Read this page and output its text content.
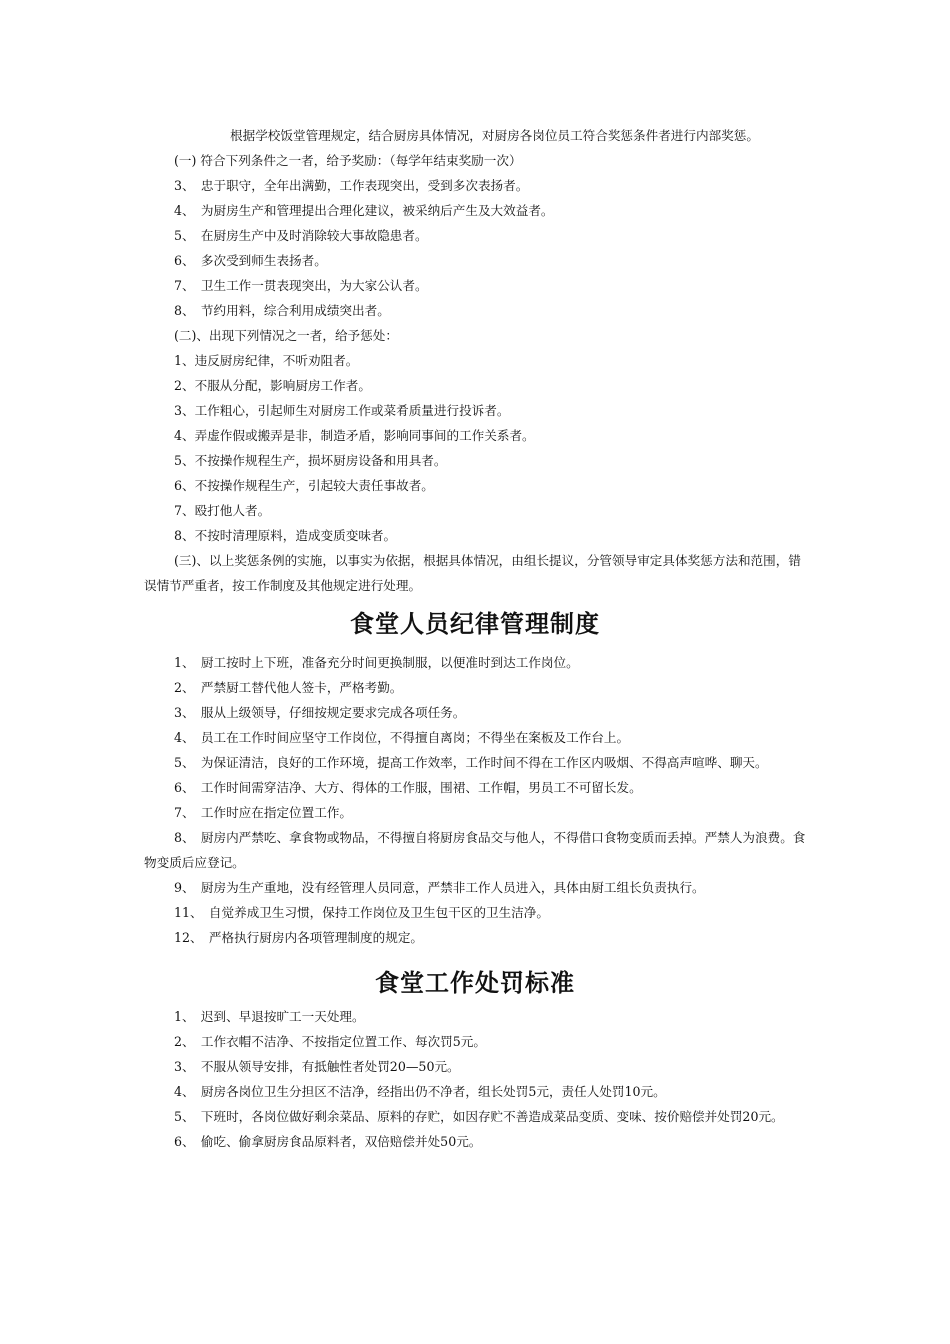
根据学校饭堂管理规定，结合厨房具体情况，对厨房各岗位员工符合奖惩条件者进行内部奖惩。

(一) 符合下列条件之一者，给予奖励：（每学年结束奖励一次）

3、　忠于职守，全年出满勤，工作表现突出，受到多次表扬者。

4、　为厨房生产和管理提出合理化建议，被采纳后产生及大效益者。

5、　在厨房生产中及时消除较大事故隐患者。

6、　多次受到师生表扬者。

7、　卫生工作一贯表现突出，为大家公认者。

8、　节约用料，综合利用成绩突出者。

(二)、出现下列情况之一者，给予惩处：

1、违反厨房纪律，不听劝阻者。

2、不服从分配，影响厨房工作者。

3、工作粗心，引起师生对厨房工作或菜肴质量进行投诉者。

4、弄虚作假或搬弄是非，制造矛盾，影响同事间的工作关系者。

5、不按操作规程生产，损坏厨房设备和用具者。

6、不按操作规程生产，引起较大责任事故者。

7、殴打他人者。

8、不按时清理原料，造成变质变味者。

(三)、以上奖惩条例的实施，以事实为依据，根据具体情况，由组长提议，分管领导审定具体奖惩方法和范围，错误情节严重者，按工作制度及其他规定进行处理。

食堂人员纪律管理制度

1、　厨工按时上下班，准备充分时间更换制服，以便准时到达工作岗位。

2、　严禁厨工替代他人签卡，严格考勤。

3、　服从上级领导，仔细按规定要求完成各项任务。

4、　员工在工作时间应坚守工作岗位，不得擅自离岗；不得坐在案板及工作台上。

5、　为保证清洁，良好的工作环境，提高工作效率，工作时间不得在工作区内吸烟、不得高声喧哗、聊天。

6、　工作时间需穿洁净、大方、得体的工作服，围裙、工作帽，男员工不可留长发。

7、　工作时应在指定位置工作。

8、　厨房内严禁吃、拿食物或物品，不得擅自将厨房食品交与他人，不得借口食物变质而丢掉。严禁人为浪费。食物变质后应登记。

9、　厨房为生产重地，没有经管理人员同意，严禁非工作人员进入，具体由厨工组长负责执行。

11、　自觉养成卫生习惯，保持工作岗位及卫生包干区的卫生洁净。

12、　严格执行厨房内各项管理制度的规定。

食堂工作处罚标准

1、　迟到、早退按旷工一天处理。

2、　工作衣帽不洁净、不按指定位置工作、每次罚5元。

3、　不服从领导安排，有抵触性者处罚20—50元。

4、　厨房各岗位卫生分担区不洁净，经指出仍不净者，组长处罚5元，责任人处罚10元。

5、　下班时，各岗位做好剩余菜品、原料的存贮，如因存贮不善造成菜品变质、变味、按价赔偿并处罚20元。

6、　偷吃、偷拿厨房食品原料者，双倍赔偿并处50元。
